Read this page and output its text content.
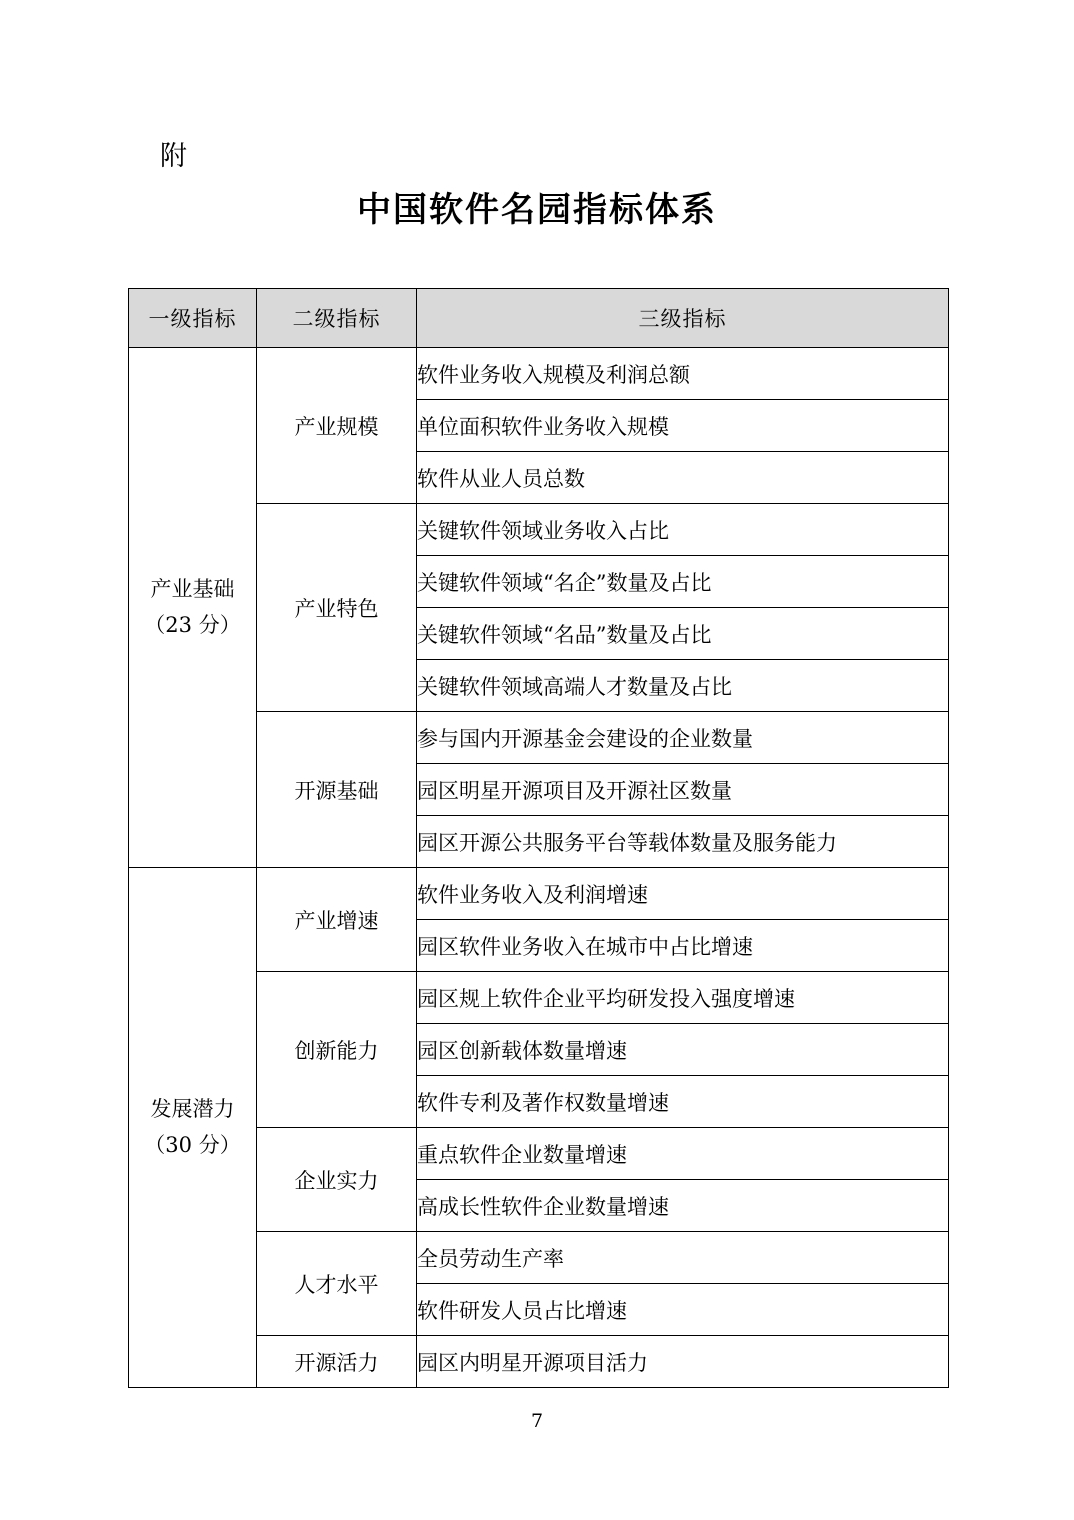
附
中国软件名园指标体系
一级指标	二级指标	三级指标

产业基础
（23 分）	产业规模	软件业务收入规模及利润总额
		单位面积软件业务收入规模
		软件从业人员总数
	产业特色	关键软件领域业务收入占比
		关键软件领域“名企”数量及占比
		关键软件领域“名品”数量及占比
		关键软件领域高端人才数量及占比
	开源基础	参与国内开源基金会建设的企业数量
		园区明星开源项目及开源社区数量
		园区开源公共服务平台等载体数量及服务能力

发展潜力
（30 分）	产业增速	软件业务收入及利润增速
		园区软件业务收入在城市中占比增速
	创新能力	园区规上软件企业平均研发投入强度增速
		园区创新载体数量增速
		软件专利及著作权数量增速
	企业实力	重点软件企业数量增速
		高成长性软件企业数量增速
	人才水平	全员劳动生产率
		软件研发人员占比增速
	开源活力	园区内明星开源项目活力
7
